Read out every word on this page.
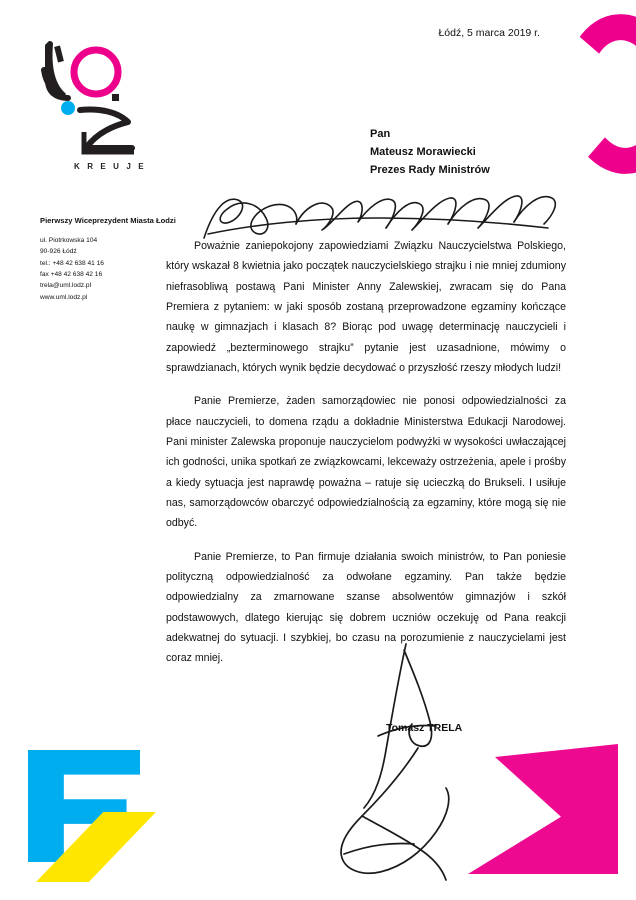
K R E U J E
Łódź, 5 marca 2019 r.
Pan
Mateusz Morawiecki
Prezes Rady Ministrów
Pierwszy Wiceprezydent Miasta Łodzi
ul. Piotrkowska 104
90-926 Łódź
tel.: +48 42 638 41 16
fax +48 42 638 42 16
trela@uml.lodz.pl
www.uml.lodz.pl

Poważnie zaniepokojony zapowiedziami Związku Nauczycielstwa Polskiego, który wskazał 8 kwietnia jako początek nauczycielskiego strajku i nie mniej zdumiony niefrasobliwą postawą Pani Minister Anny Zalewskiej, zwracam się do Pana Premiera z pytaniem: w jaki sposób zostaną przeprowadzone egzaminy kończące naukę w gimnazjach i klasach 8? Biorąc pod uwagę determinację nauczycieli i zapowiedź „bezterminowego strajku” pytanie jest uzasadnione, mówimy o sprawdzianach, których wynik będzie decydować o przyszłość rzeszy młodych ludzi!

Panie Premierze, żaden samorządowiec nie ponosi odpowiedzialności za płace nauczycieli, to domena rządu a dokładnie Ministerstwa Edukacji Narodowej. Pani minister Zalewska proponuje nauczycielom podwyżki w wysokości uwłaczającej ich godności, unika spotkań ze związkowcami, lekceważy ostrzeżenia, apele i prośby a kiedy sytuacja jest naprawdę poważna – ratuje się ucieczką do Brukseli. I usiłuje nas, samorządowców obarczyć odpowiedzialnością za egzaminy, które mogą się nie odbyć.

Panie Premierze, to Pan firmuje działania swoich ministrów, to Pan poniesie polityczną odpowiedzialność za odwołane egzaminy. Pan także będzie odpowiedzialny za zmarnowane szanse absolwentów gimnazjów i szkół podstawowych, dlatego kierując się dobrem uczniów oczekuję od Pana reakcji adekwatnej do sytuacji. I szybkiej, bo czasu na porozumienie z nauczycielami jest coraz mniej.

Tomasz TRELA
